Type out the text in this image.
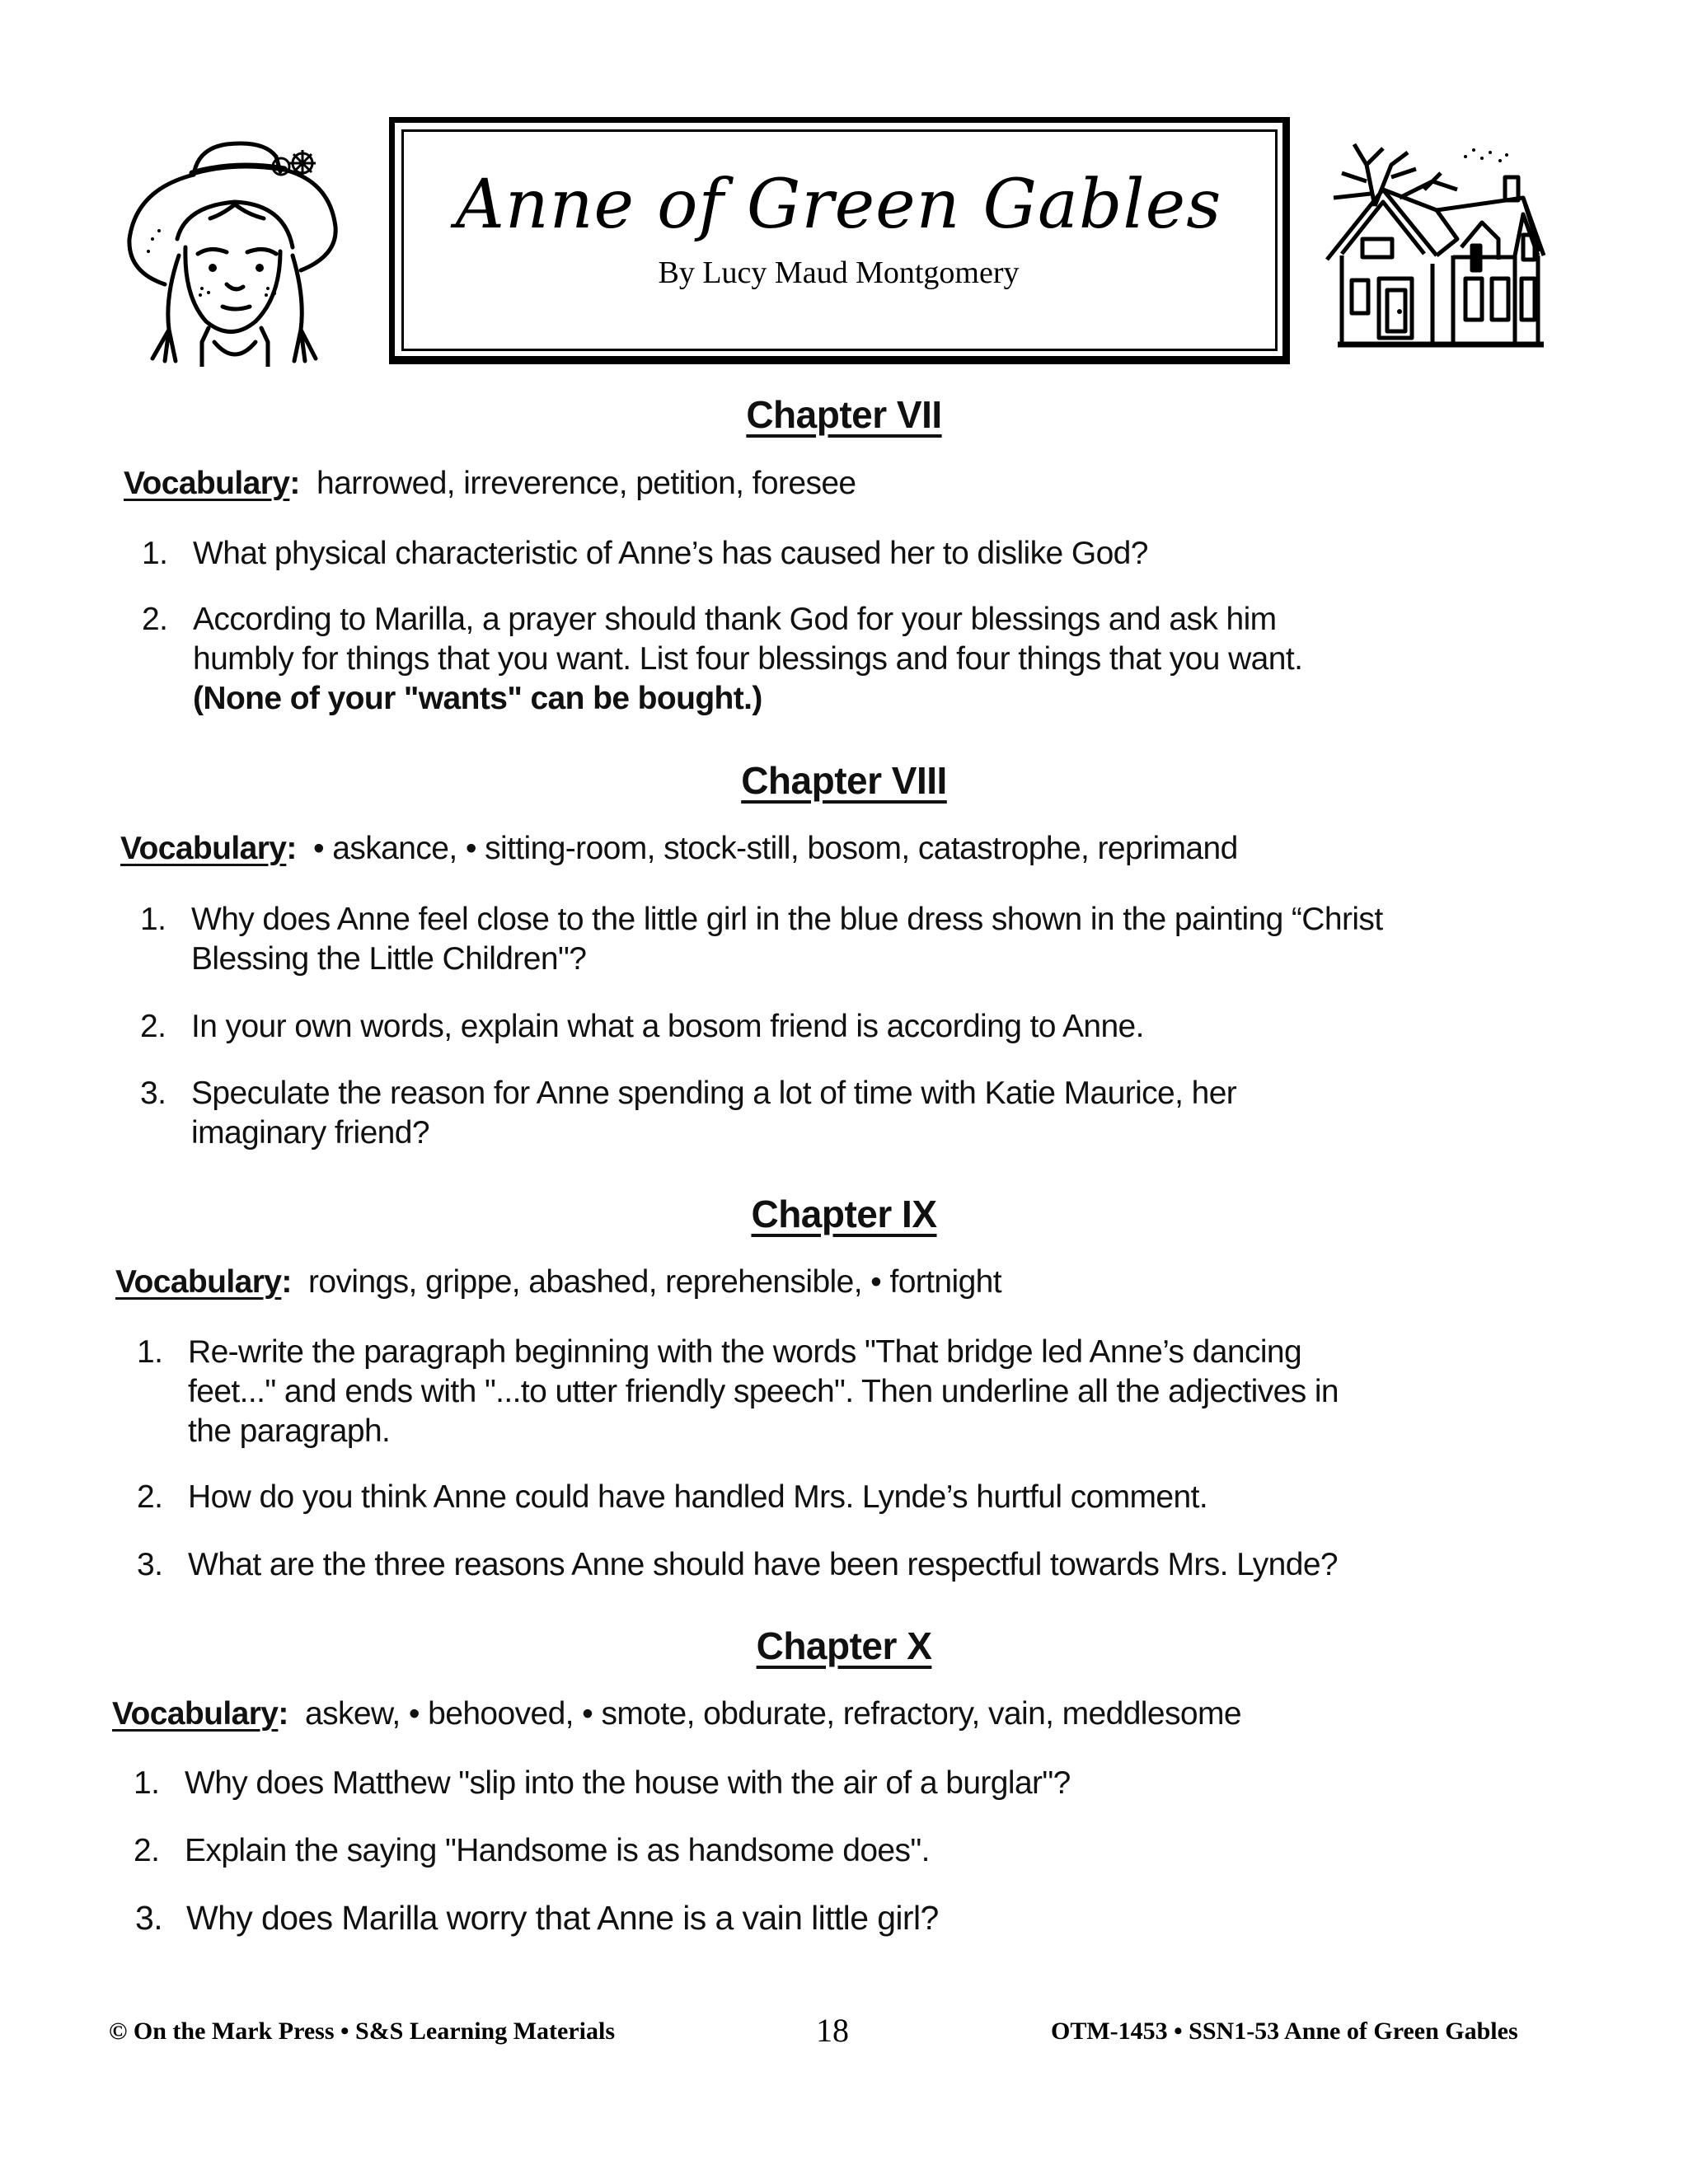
Anne of Green Gables
By Lucy Maud Montgomery
Chapter VII
Vocabulary: harrowed, irreverence, petition, foresee
1. What physical characteristic of Anne’s has caused her to dislike God?
2. According to Marilla, a prayer should thank God for your blessings and ask him
humbly for things that you want. List four blessings and four things that you want.
(None of your "wants" can be bought.)
Chapter VIII
Vocabulary: • askance, • sitting-room, stock-still, bosom, catastrophe, reprimand
1. Why does Anne feel close to the little girl in the blue dress shown in the painting “Christ
Blessing the Little Children"?
2. In your own words, explain what a bosom friend is according to Anne.
3. Speculate the reason for Anne spending a lot of time with Katie Maurice, her
imaginary friend?
Chapter IX
Vocabulary: rovings, grippe, abashed, reprehensible, • fortnight
1. Re-write the paragraph beginning with the words "That bridge led Anne’s dancing
feet..." and ends with "...to utter friendly speech". Then underline all the adjectives in
the paragraph.
2. How do you think Anne could have handled Mrs. Lynde’s hurtful comment.
3. What are the three reasons Anne should have been respectful towards Mrs. Lynde?
Chapter X
Vocabulary: askew, • behooved, • smote, obdurate, refractory, vain, meddlesome
1. Why does Matthew "slip into the house with the air of a burglar"?
2. Explain the saying "Handsome is as handsome does".
3. Why does Marilla worry that Anne is a vain little girl?
© On the Mark Press • S&S Learning Materials	18	OTM-1453 • SSN1-53 Anne of Green Gables
